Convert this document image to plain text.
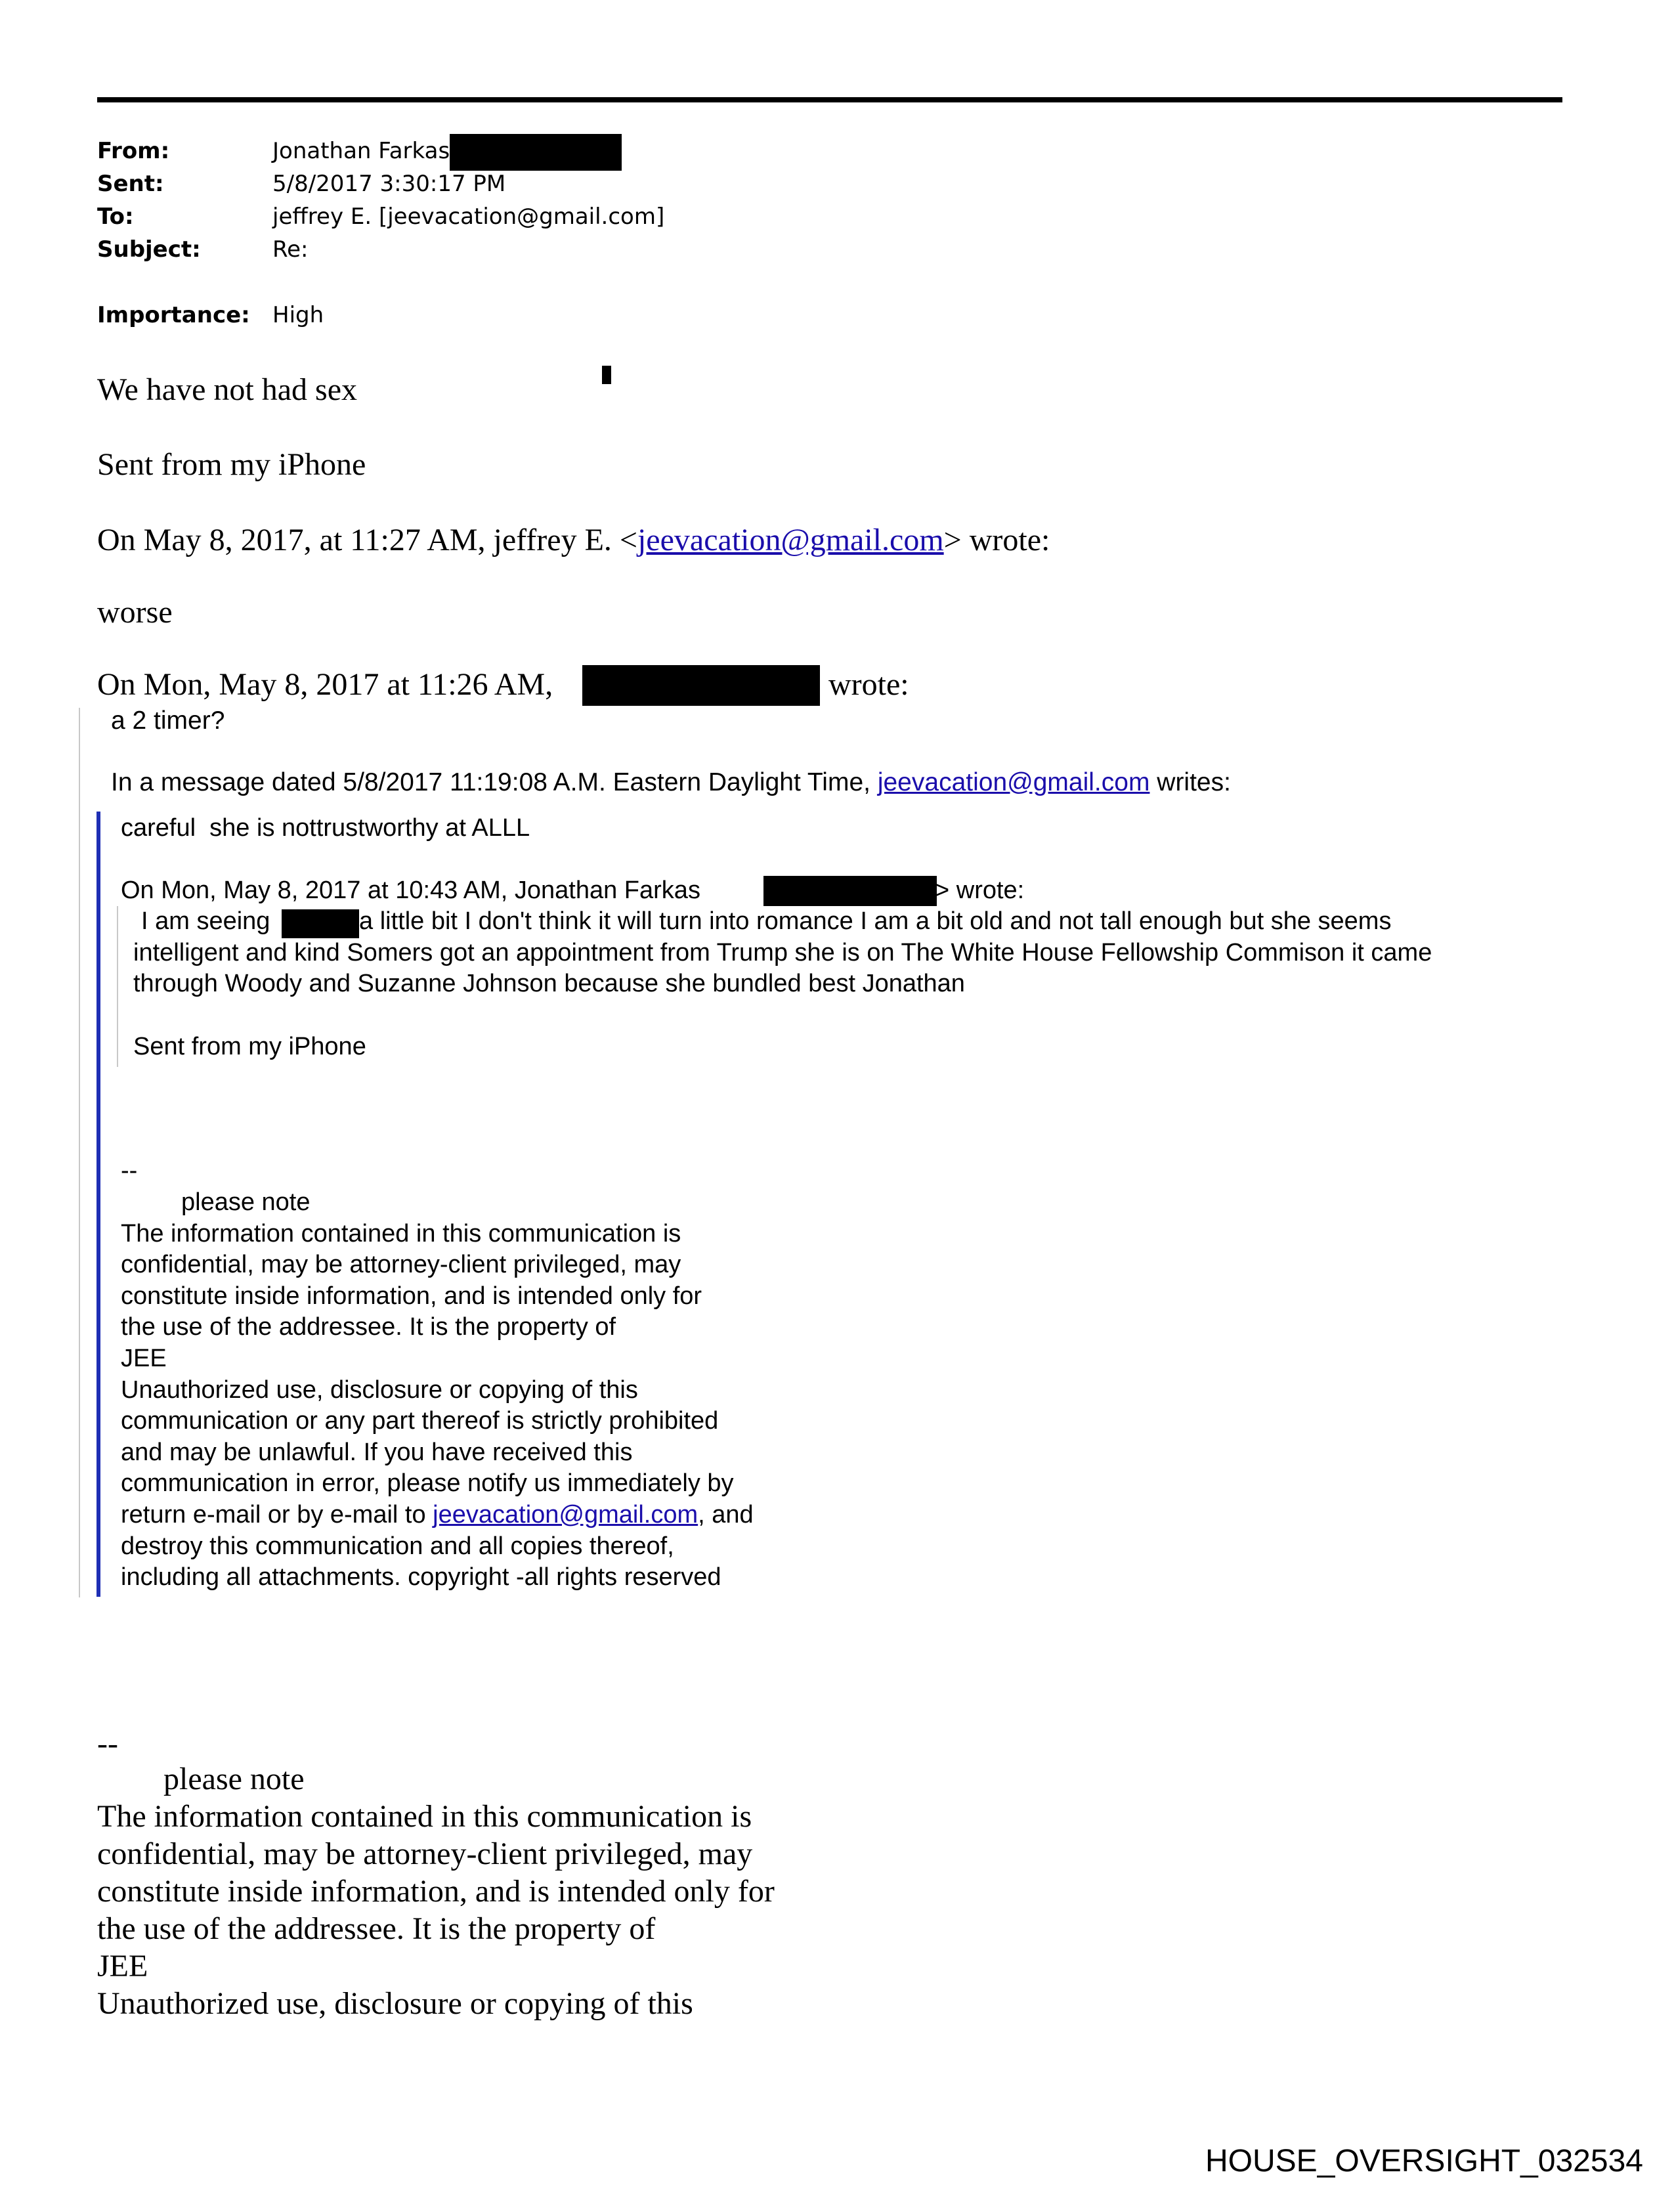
From:	Jonathan Farkas
Sent:	5/8/2017 3:30:17 PM
To:	jeffrey E. [jeevacation@gmail.com]
Subject:	Re:
Importance: High
We have not had sex
Sent from my iPhone
On May 8, 2017, at 11:27 AM, jeffrey E. <jeevacation@gmail.com> wrote:
worse
On Mon, May 8, 2017 at 11:26 AM,	wrote:
a 2 timer?
In a message dated 5/8/2017 11:19:08 A.M. Eastern Daylight Time, jeevacation@gmail.com writes:
careful  she is nottrustworthy at ALLL
On Mon, May 8, 2017 at 10:43 AM, Jonathan Farkas	> wrote:
I am seeing	a little bit I don't think it will turn into romance I am a bit old and not tall enough but she seems
intelligent and kind Somers got an appointment from Trump she is on The White House Fellowship Commison it came
through Woody and Suzanne Johnson because she bundled best Jonathan
Sent from my iPhone
--
please note
The information contained in this communication is
confidential, may be attorney-client privileged, may
constitute inside information, and is intended only for
the use of the addressee. It is the property of
JEE
Unauthorized use, disclosure or copying of this
communication or any part thereof is strictly prohibited
and may be unlawful. If you have received this
communication in error, please notify us immediately by
return e-mail or by e-mail to jeevacation@gmail.com, and
destroy this communication and all copies thereof,
including all attachments. copyright -all rights reserved
--
please note
The information contained in this communication is
confidential, may be attorney-client privileged, may
constitute inside information, and is intended only for
the use of the addressee. It is the property of
JEE
Unauthorized use, disclosure or copying of this
HOUSE_OVERSIGHT_032534
